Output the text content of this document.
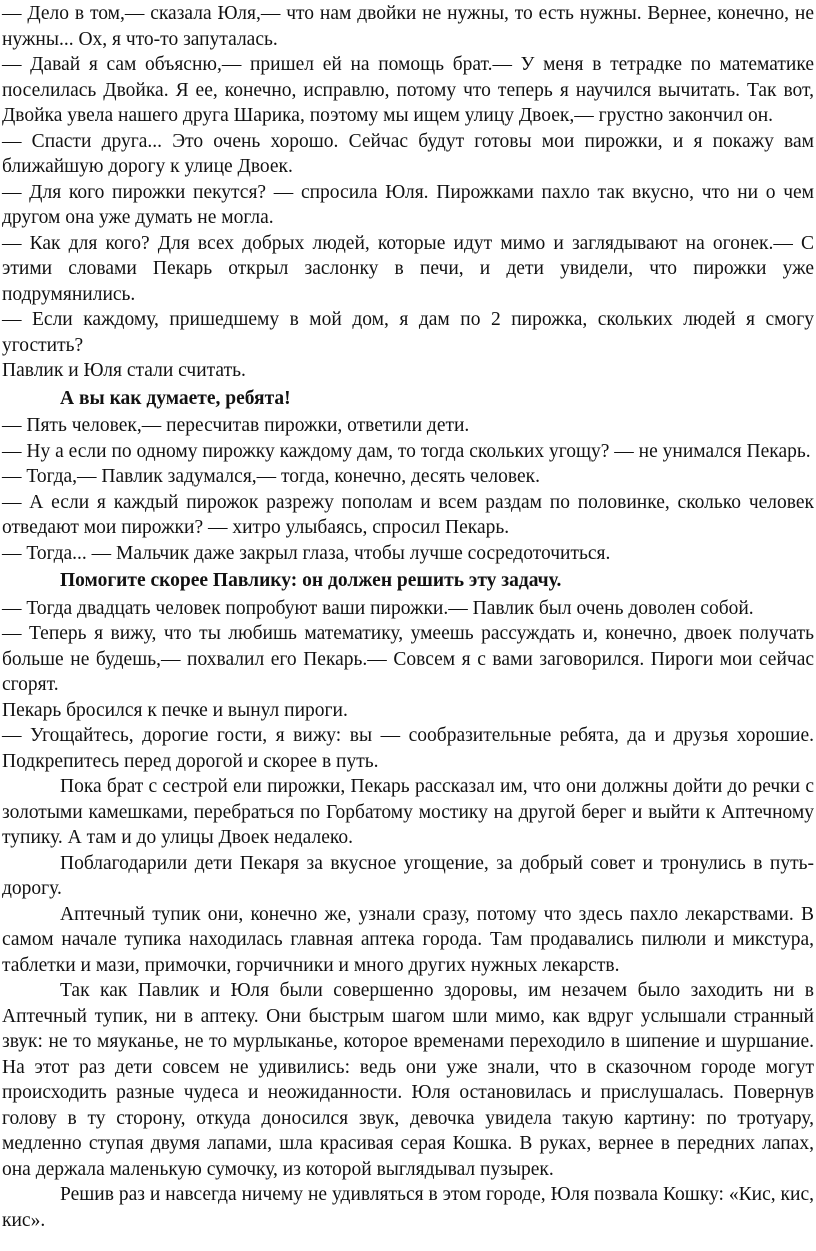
— Дело в том,— сказала Юля,— что нам двойки не нужны, то есть нужны. Вернее, конечно, не нужны... Ох, я что-то запуталась.

— Давай я сам объясню,— пришел ей на помощь брат.— У меня в тетрадке по математике поселилась Двойка. Я ее, конечно, исправлю, потому что теперь я научился вычитать. Так вот, Двойка увела нашего друга Шарика, поэтому мы ищем улицу Двоек,— грустно закончил он.

— Спасти друга... Это очень хорошо. Сейчас будут готовы мои пирожки, и я покажу вам ближайшую дорогу к улице Двоек.

— Для кого пирожки пекутся? — спросила Юля. Пирожками пахло так вкусно, что ни о чем другом она уже думать не могла.

— Как для кого? Для всех добрых людей, которые идут мимо и заглядывают на огонек.— С этими словами Пекарь открыл заслонку в печи, и дети увидели, что пирожки уже подрумянились.

— Если каждому, пришедшему в мой дом, я дам по 2 пирожка, скольких людей я смогу угостить?

Павлик и Юля стали считать.

А вы как думаете, ребята!

— Пять человек,— пересчитав пирожки, ответили дети.

— Ну а если по одному пирожку каждому дам, то тогда скольких угощу? — не унимался Пекарь.

— Тогда,— Павлик задумался,— тогда, конечно, десять человек.

— А если я каждый пирожок разрежу пополам и всем раздам по половинке, сколько человек отведают мои пирожки? — хитро улыбаясь, спросил Пекарь.

— Тогда... — Мальчик даже закрыл глаза, чтобы лучше сосредоточиться.

Помогите скорее Павлику: он должен решить эту задачу.

— Тогда двадцать человек попробуют ваши пирожки.— Павлик был очень доволен собой.

— Теперь я вижу, что ты любишь математику, умеешь рассуждать и, конечно, двоек получать больше не будешь,— похвалил его Пекарь.— Совсем я с вами заговорился. Пироги мои сейчас сгорят.

Пекарь бросился к печке и вынул пироги.

— Угощайтесь, дорогие гости, я вижу: вы — сообразительные ребята, да и друзья хорошие. Подкрепитесь перед дорогой и скорее в путь.

Пока брат с сестрой ели пирожки, Пекарь рассказал им, что они должны дойти до речки с золотыми камешками, перебраться по Горбатому мостику на другой берег и выйти к Аптечному тупику. А там и до улицы Двоек недалеко.

Поблагодарили дети Пекаря за вкусное угощение, за добрый совет и тронулись в путь-дорогу.

Аптечный тупик они, конечно же, узнали сразу, потому что здесь пахло лекарствами. В самом начале тупика находилась главная аптека города. Там продавались пилюли и микстура, таблетки и мази, примочки, горчичники и много других нужных лекарств.

Так как Павлик и Юля были совершенно здоровы, им незачем было заходить ни в Аптечный тупик, ни в аптеку. Они быстрым шагом шли мимо, как вдруг услышали странный звук: не то мяуканье, не то мурлыканье, которое временами переходило в шипение и шуршание. На этот раз дети совсем не удивились: ведь они уже знали, что в сказочном городе могут происходить разные чудеса и неожиданности. Юля остановилась и прислушалась. Повернув голову в ту сторону, откуда доносился звук, девочка увидела такую картину: по тротуару, медленно ступая двумя лапами, шла красивая серая Кошка. В руках, вернее в передних лапах, она держала маленькую сумочку, из которой выглядывал пузырек.

Решив раз и навсегда ничему не удивляться в этом городе, Юля позвала Кошку: «Кис, кис, кис».
